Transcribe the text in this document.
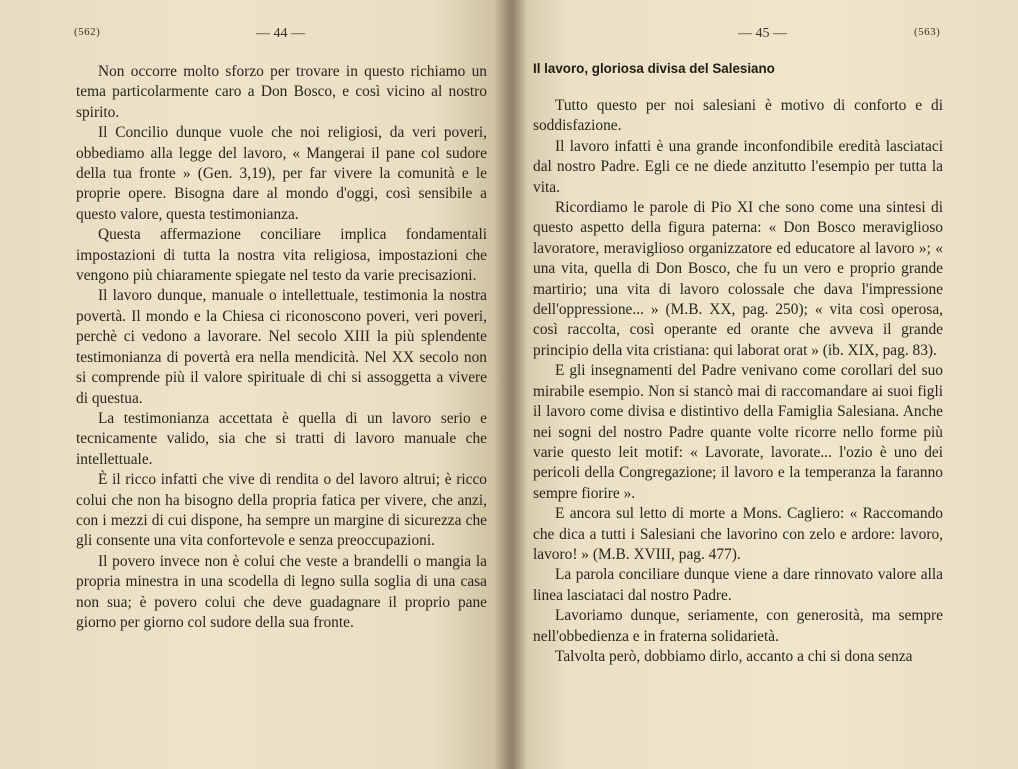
(562)	— 44 —

Non occorre molto sforzo per trovare in questo richiamo un tema particolarmente caro a Don Bosco, e così vicino al nostro spirito.

Il Concilio dunque vuole che noi religiosi, da veri poveri, obbediamo alla legge del lavoro, « Mangerai il pane col sudore della tua fronte » (Gen. 3,19), per far vivere la comunità e le proprie opere. Bisogna dare al mondo d'oggi, così sensibile a questo valore, questa testimonianza.

Questa affermazione conciliare implica fondamentali impostazioni di tutta la nostra vita religiosa, impostazioni che vengono più chiaramente spiegate nel testo da varie precisazioni.

Il lavoro dunque, manuale o intellettuale, testimonia la nostra povertà. Il mondo e la Chiesa ci riconoscono poveri, veri poveri, perchè ci vedono a lavorare. Nel secolo XIII la più splendente testimonianza di povertà era nella mendicità. Nel XX secolo non si comprende più il valore spirituale di chi si assoggetta a vivere di questua.

La testimonianza accettata è quella di un lavoro serio e tecnicamente valido, sia che si tratti di lavoro manuale che intellettuale.

È il ricco infatti che vive di rendita o del lavoro altrui; è ricco colui che non ha bisogno della propria fatica per vivere, che anzi, con i mezzi di cui dispone, ha sempre un margine di sicurezza che gli consente una vita confortevole e senza preoccupazioni.

Il povero invece non è colui che veste a brandelli o mangia la propria minestra in una scodella di legno sulla soglia di una casa non sua; è povero colui che deve guadagnare il proprio pane giorno per giorno col sudore della sua fronte.

— 45 —	(563)
Il lavoro, gloriosa divisa del Salesiano

Tutto questo per noi salesiani è motivo di conforto e di soddisfazione.

Il lavoro infatti è una grande inconfondibile eredità lasciataci dal nostro Padre. Egli ce ne diede anzitutto l'esempio per tutta la vita.

Ricordiamo le parole di Pio XI che sono come una sintesi di questo aspetto della figura paterna: « Don Bosco meraviglioso lavoratore, meraviglioso organizzatore ed educatore al lavoro »; « una vita, quella di Don Bosco, che fu un vero e proprio grande martirio; una vita di lavoro colossale che dava l'impressione dell'oppressione... » (M.B. XX, pag. 250); « vita così operosa, così raccolta, così operante ed orante che avveva il grande principio della vita cristiana: qui laborat orat » (ib. XIX, pag. 83).

E gli insegnamenti del Padre venivano come corollari del suo mirabile esempio. Non si stancò mai di raccomandare ai suoi figli il lavoro come divisa e distintivo della Famiglia Salesiana. Anche nei sogni del nostro Padre quante volte ricorre nello forme più varie questo leit motif: « Lavorate, lavorate... l'ozio è uno dei pericoli della Congregazione; il lavoro e la temperanza la faranno sempre fiorire ».

E ancora sul letto di morte a Mons. Cagliero: « Raccomando che dica a tutti i Salesiani che lavorino con zelo e ardore: lavoro, lavoro! » (M.B. XVIII, pag. 477).

La parola conciliare dunque viene a dare rinnovato valore alla linea lasciataci dal nostro Padre.

Lavoriamo dunque, seriamente, con generosità, ma sempre nell'obbedienza e in fraterna solidarietà.

Talvolta però, dobbiamo dirlo, accanto a chi si dona senza
